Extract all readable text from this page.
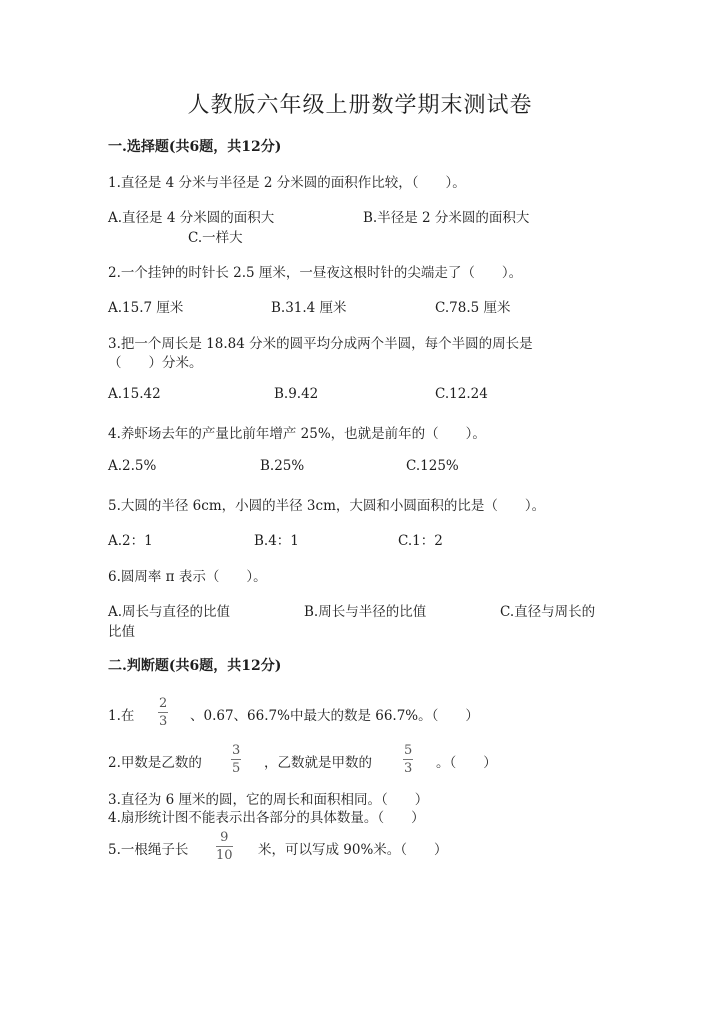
人教版六年级上册数学期末测试卷
一.选择题(共6题，共12分)
1.直径是 4 分米与半径是 2 分米圆的面积作比较，（　　）。
A.直径是 4 分米圆的面积大	B.半径是 2 分米圆的面积大
C.一样大
2.一个挂钟的时针长 2.5 厘米，一昼夜这根时针的尖端走了（　　）。
A.15.7 厘米	B.31.4 厘米	C.78.5 厘米
3.把一个周长是 18.84 分米的圆平均分成两个半圆，每个半圆的周长是
（　　）分米。
A.15.42	B.9.42	C.12.24
4.养虾场去年的产量比前年增产 25%，也就是前年的（　　）。
A.2.5%	B.25%	C.125%
5.大圆的半径 6cm，小圆的半径 3cm，大圆和小圆面积的比是（　　）。
A.2：1	B.4：1	C.1：2
6.圆周率 π 表示（　　）。
A.周长与直径的比值	B.周长与半径的比值	C.直径与周长的
比值
二.判断题(共6题，共12分)
1.在
2
3 、0.67、66.7%中最大的数是 66.7%。（　　）
2.甲数是乙数的
3
5 ，乙数就是甲数的
5
3 。（　　）
3.直径为 6 厘米的圆，它的周长和面积相同。（　　）
4.扇形统计图不能表示出各部分的具体数量。（　　）
5.一根绳子长
9
10 米，可以写成 90%米。（　　）
